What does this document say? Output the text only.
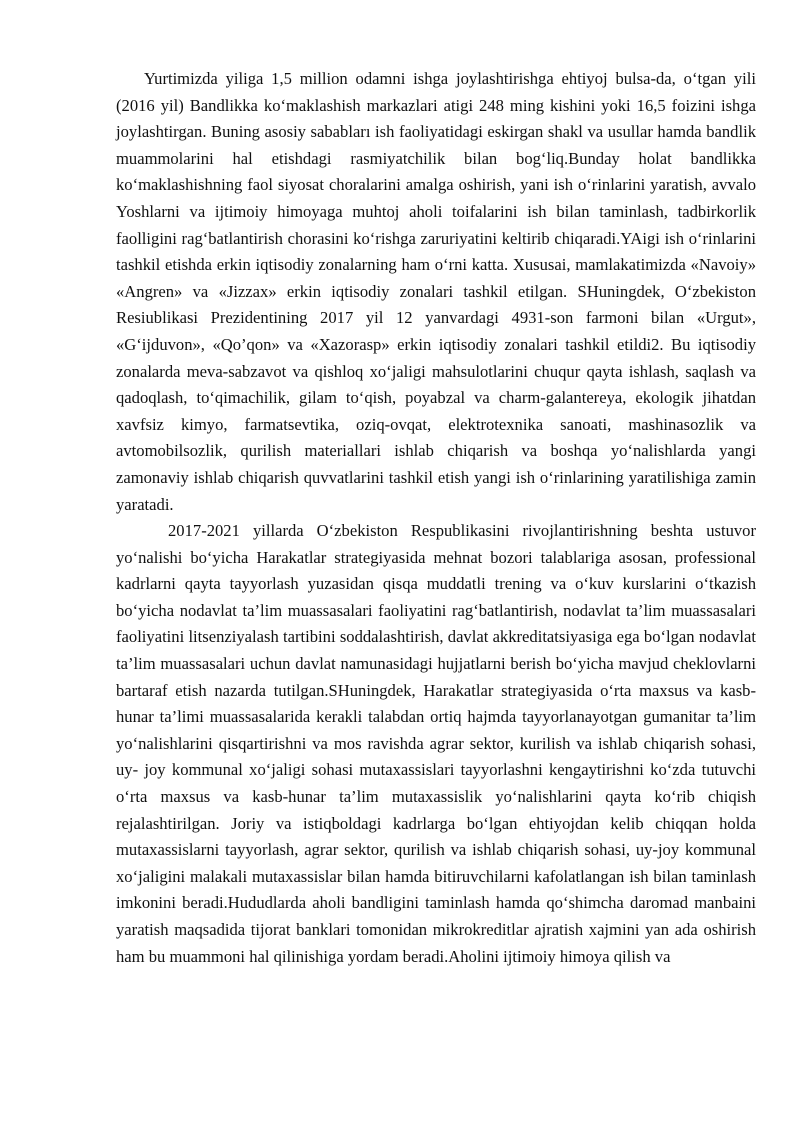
Yurtimizda yiliga 1,5 million odamni ishga joylashtirishga ehtiyoj bulsa-da, o‘tgan yili (2016 yil) Bandlikka ko‘maklashish markazlari atigi 248 ming kishini yoki 16,5 foizini ishga joylashtirgan. Buning asosiy sababları ish faoliyatidagi eskirgan shakl va usullar hamda bandlik muammolarini hal etishdagi rasmiyatchilik bilan bog‘liq.Bunday holat bandlikka ko‘maklashishning faol siyosat choralarini amalga oshirish, yani ish o‘rinlarini yaratish, avvalo Yoshlarni va ijtimoiy himoyaga muhtoj aholi toifalarini ish bilan taminlash, tadbirkorlik faolligini rag‘batlantirish chorasini ko‘rishga zaruriyatini keltirib chiqaradi.YAigi ish o‘rinlarini tashkil etishda erkin iqtisodiy zonalarning ham o‘rni katta. Xususai, mamlakatimizda «Navoiy» «Angren» va «Jizzax» erkin iqtisodiy zonalari tashkil etilgan. SHuningdek, O‘zbekiston Resiublikasi Prezidentining 2017 yil 12 yanvardagi 4931-son farmoni bilan «Urgut», «G‘ijduvon», «Qo’qon» va «Xazorasp» erkin iqtisodiy zonalari tashkil etildi2. Bu iqtisodiy zonalarda meva-sabzavot va qishloq xo‘jaligi mahsulotlarini chuqur qayta ishlash, saqlash va qadoqlash, to‘qimachilik, gilam to‘qish, poyabzal va charm-galantereya, ekologik jihatdan xavfsiz kimyo, farmatsevtika, oziq-ovqat, elektrotexnika sanoati, mashinasozlik va avtomobilsozlik, qurilish materiallari ishlab chiqarish va boshqa yo‘nalishlarda yangi zamonaviy ishlab chiqarish quvvatlarini tashkil etish yangi ish o‘rinlarining yaratilishiga zamin yaratadi.

2017-2021 yillarda O‘zbekiston Respublikasini rivojlantirishning beshta ustuvor yo‘nalishi bo‘yicha Harakatlar strategiyasida mehnat bozori talablariga asosan, professional kadrlarni qayta tayyorlash yuzasidan qisqa muddatli trening va o‘kuv kurslarini o‘tkazish bo‘yicha nodavlat ta’lim muassasalari faoliyatini rag‘batlantirish, nodavlat ta’lim muassasalari faoliyatini litsenziyalash tartibini soddalashtirish, davlat akkreditatsiyasiga ega bo‘lgan nodavlat ta’lim muassasalari uchun davlat namunasidagi hujjatlarni berish bo‘yicha mavjud cheklovlarni bartaraf etish nazarda tutilgan.SHuningdek, Harakatlar strategiyasida o‘rta maxsus va kasb-hunar ta’limi muassasalarida kerakli talabdan ortiq hajmda tayyorlanayotgan gumanitar ta’lim yo‘nalishlarini qisqartirishni va mos ravishda agrar sektor, kurilish va ishlab chiqarish sohasi, uy- joy kommunal xo‘jaligi sohasi mutaxassislari tayyorlashni kengaytirishni ko‘zda tutuvchi o‘rta maxsus va kasb-hunar ta’lim mutaxassislik yo‘nalishlarini qayta ko‘rib chiqish rejalashtirilgan. Joriy va istiqboldagi kadrlarga bo‘lgan ehtiyojdan kelib chiqqan holda mutaxassislarni tayyorlash, agrar sektor, qurilish va ishlab chiqarish sohasi, uy-joy kommunal xo‘jaligini malakali mutaxassislar bilan hamda bitiruvchilarni kafolatlangan ish bilan taminlash imkonini beradi.Hududlarda aholi bandligini taminlash hamda qo‘shimcha daromad manbaini yaratish maqsadida tijorat banklari tomonidan mikrokreditlar ajratish xajmini yan ada oshirish ham bu muammoni hal qilinishiga yordam beradi.Aholini ijtimoiy himoya qilish va
